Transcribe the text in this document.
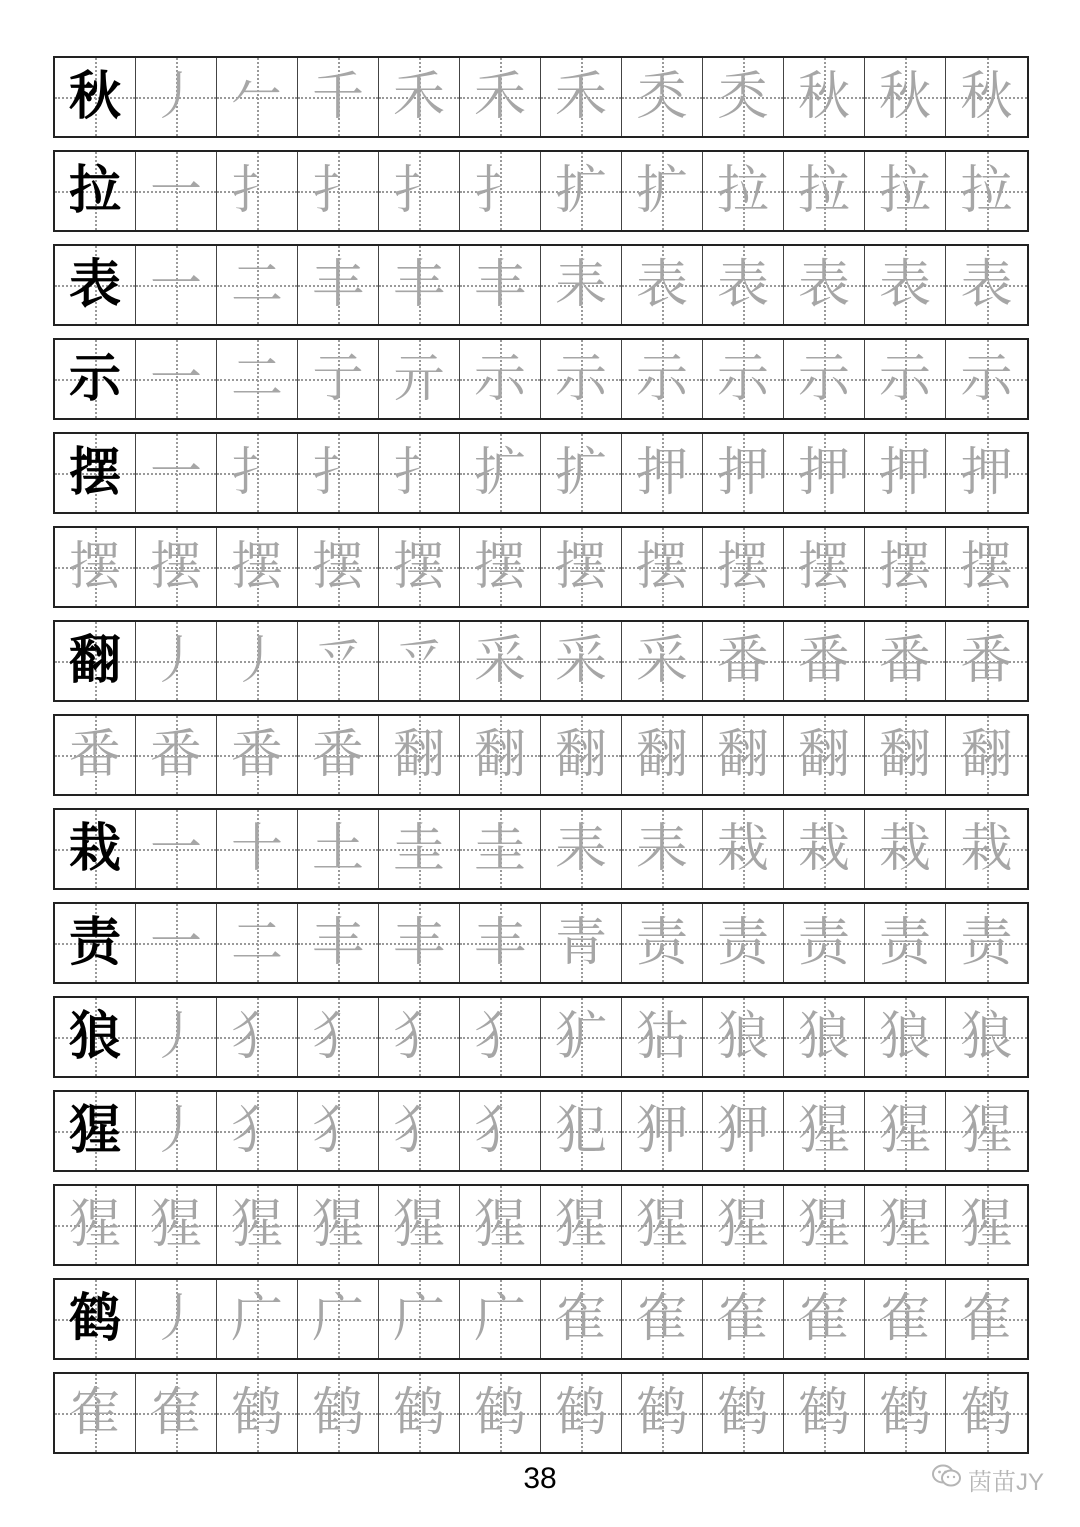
秋 丿 𠂉 千 禾 禾 禾 秂 秂 秋 秋 秋
拉 一 扌 扌 扌 扌 扩 扩 拉 拉 拉 拉
表 一 二 丰 丰 丰 耒 表 表 表 表 表
示 一 二 亍 亓 示 示 示 示 示 示 示
摆 一 扌 扌 扌 扩 扩 押 押 押 押 押
摆 摆 摆 摆 摆 摆 摆 摆 摆 摆 摆 摆
翻 丿 丿 乊 乊 采 采 采 番 番 番 番
番 番 番 番 翻 翻 翻 翻 翻 翻 翻 翻
栽 一 十 土 圭 圭 耒 耒 栽 栽 栽 栽
责 一 二 丰 丰 丰 青 责 责 责 责 责
狼 丿 犭 犭 犭 犭 犷 狜 狼 狼 狼 狼
猩 丿 犭 犭 犭 犭 犯 狎 狎 猩 猩 猩
猩 猩 猩 猩 猩 猩 猩 猩 猩 猩 猩 猩
鹤 丿 广 广 广 广 隺 隺 隺 隺 隺 隺
隺 隺 鹤 鹤 鹤 鹤 鹤 鹤 鹤 鹤 鹤 鹤
38	茵苗JY
